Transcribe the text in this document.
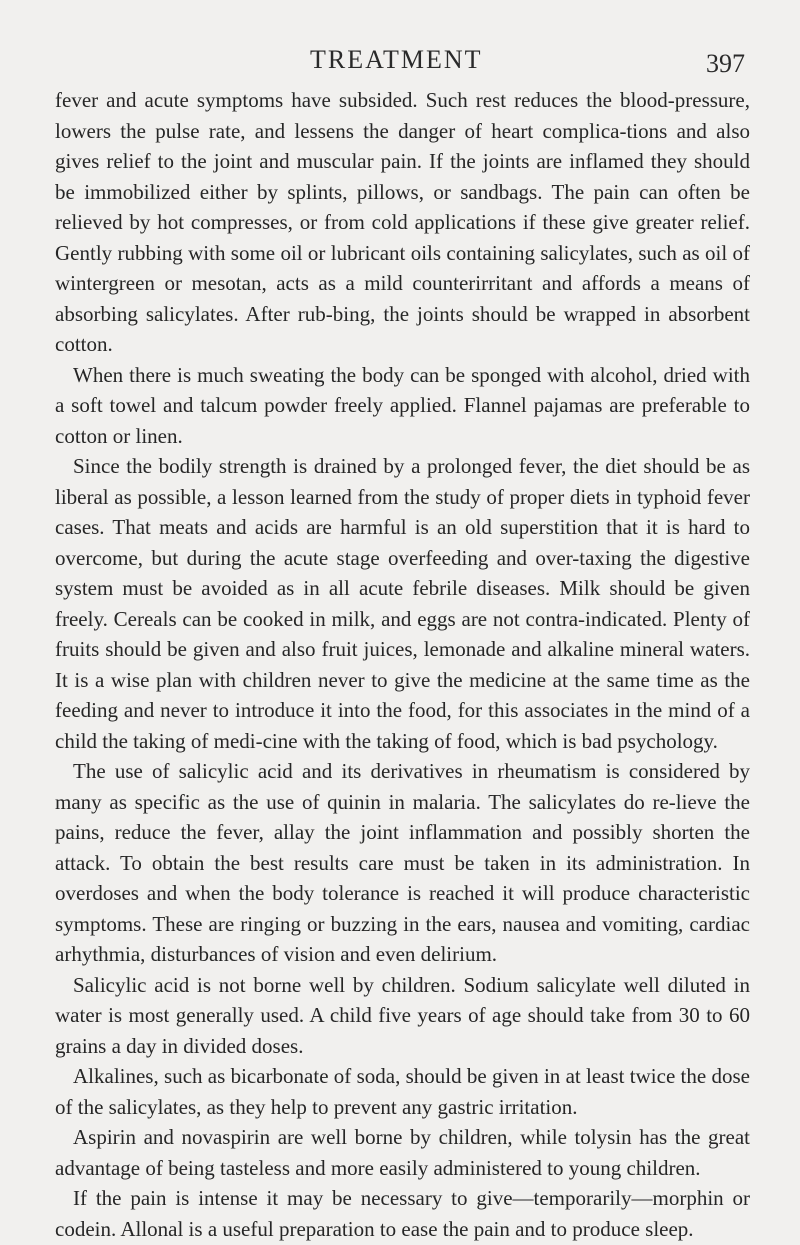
TREATMENT	397

fever and acute symptoms have subsided. Such rest reduces the blood-pressure, lowers the pulse rate, and lessens the danger of heart complica-tions and also gives relief to the joint and muscular pain. If the joints are inflamed they should be immobilized either by splints, pillows, or sandbags. The pain can often be relieved by hot compresses, or from cold applications if these give greater relief. Gently rubbing with some oil or lubricant oils containing salicylates, such as oil of wintergreen or mesotan, acts as a mild counterirritant and affords a means of absorbing salicylates. After rub-bing, the joints should be wrapped in absorbent cotton.

When there is much sweating the body can be sponged with alcohol, dried with a soft towel and talcum powder freely applied. Flannel pajamas are preferable to cotton or linen.

Since the bodily strength is drained by a prolonged fever, the diet should be as liberal as possible, a lesson learned from the study of proper diets in typhoid fever cases. That meats and acids are harmful is an old superstition that it is hard to overcome, but during the acute stage overfeeding and over-taxing the digestive system must be avoided as in all acute febrile diseases. Milk should be given freely. Cereals can be cooked in milk, and eggs are not contra-indicated. Plenty of fruits should be given and also fruit juices, lemonade and alkaline mineral waters. It is a wise plan with children never to give the medicine at the same time as the feeding and never to introduce it into the food, for this associates in the mind of a child the taking of medi-cine with the taking of food, which is bad psychology.

The use of salicylic acid and its derivatives in rheumatism is considered by many as specific as the use of quinin in malaria. The salicylates do re-lieve the pains, reduce the fever, allay the joint inflammation and possibly shorten the attack. To obtain the best results care must be taken in its administration. In overdoses and when the body tolerance is reached it will produce characteristic symptoms. These are ringing or buzzing in the ears, nausea and vomiting, cardiac arhythmia, disturbances of vision and even delirium.

Salicylic acid is not borne well by children. Sodium salicylate well diluted in water is most generally used. A child five years of age should take from 30 to 60 grains a day in divided doses.

Alkalines, such as bicarbonate of soda, should be given in at least twice the dose of the salicylates, as they help to prevent any gastric irritation.

Aspirin and novaspirin are well borne by children, while tolysin has the great advantage of being tasteless and more easily administered to young children.

If the pain is intense it may be necessary to give—temporarily—morphin or codein. Allonal is a useful preparation to ease the pain and to produce sleep.
